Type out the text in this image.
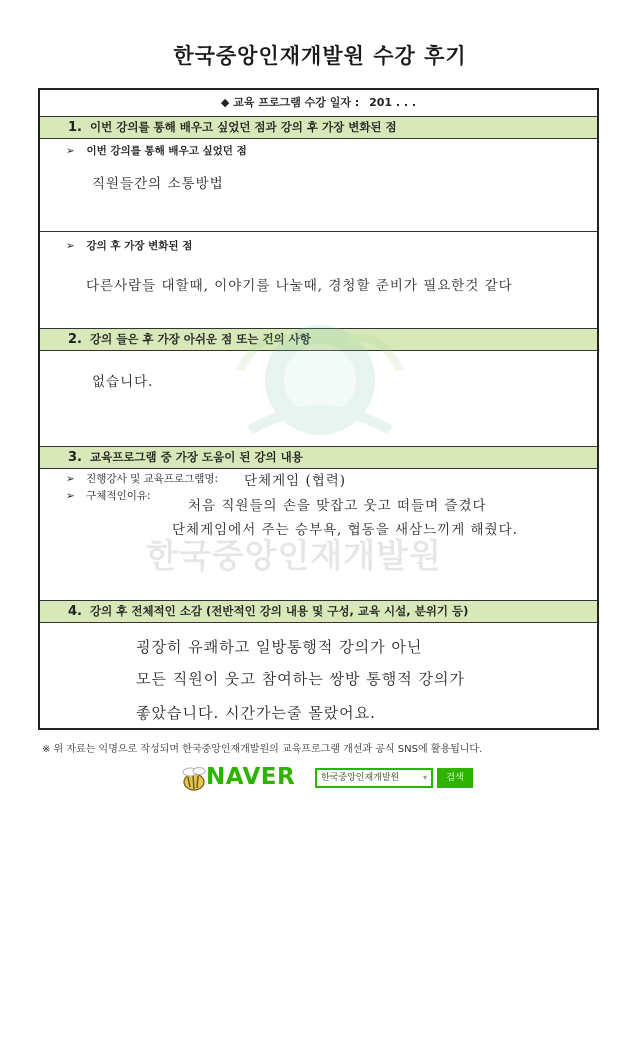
한국중앙인재개발원 수강 후기
◆ 교육 프로그램 수강 일자 : 201 . . .
1. 이번 강의를 통해 배우고 싶었던 점과 강의 후 가장 변화된 점
➢ 이번 강의를 통해 배우고 싶었던 점
직원들간의 소통방법
➢ 강의 후 가장 변화된 점
다른사람들 대할때, 이야기를 나눌때, 경청할 준비가 필요한것 같다
2. 강의 들은 후 가장 아쉬운 점 또는 건의 사항
없습니다.
3. 교육프로그램 중 가장 도움이 된 강의 내용
➢ 진행강사 및 교육프로그램명: 단체게임 (협력)
➢ 구체적인이유:
처음 직원들의 손을 맞잡고 웃고 떠들며 즐겼다
단체게임에서 주는 승부욕, 협동을 새삼느끼게 해줬다.
4. 강의 후 전체적인 소감 (전반적인 강의 내용 및 구성, 교육 시설, 분위기 등)
굉장히 유쾌하고 일방통행적 강의가 아닌
모든 직원이 웃고 참여하는 쌍방 통행적 강의가
좋았습니다. 시간가는줄 몰랐어요.
한국중앙인재개발원
※ 위 자료는 익명으로 작성되며 한국중앙인재개발원의 교육프로그램 개선과 공식 SNS에 활용됩니다.
NAVER	한국중앙인재개발원	▾	검색
